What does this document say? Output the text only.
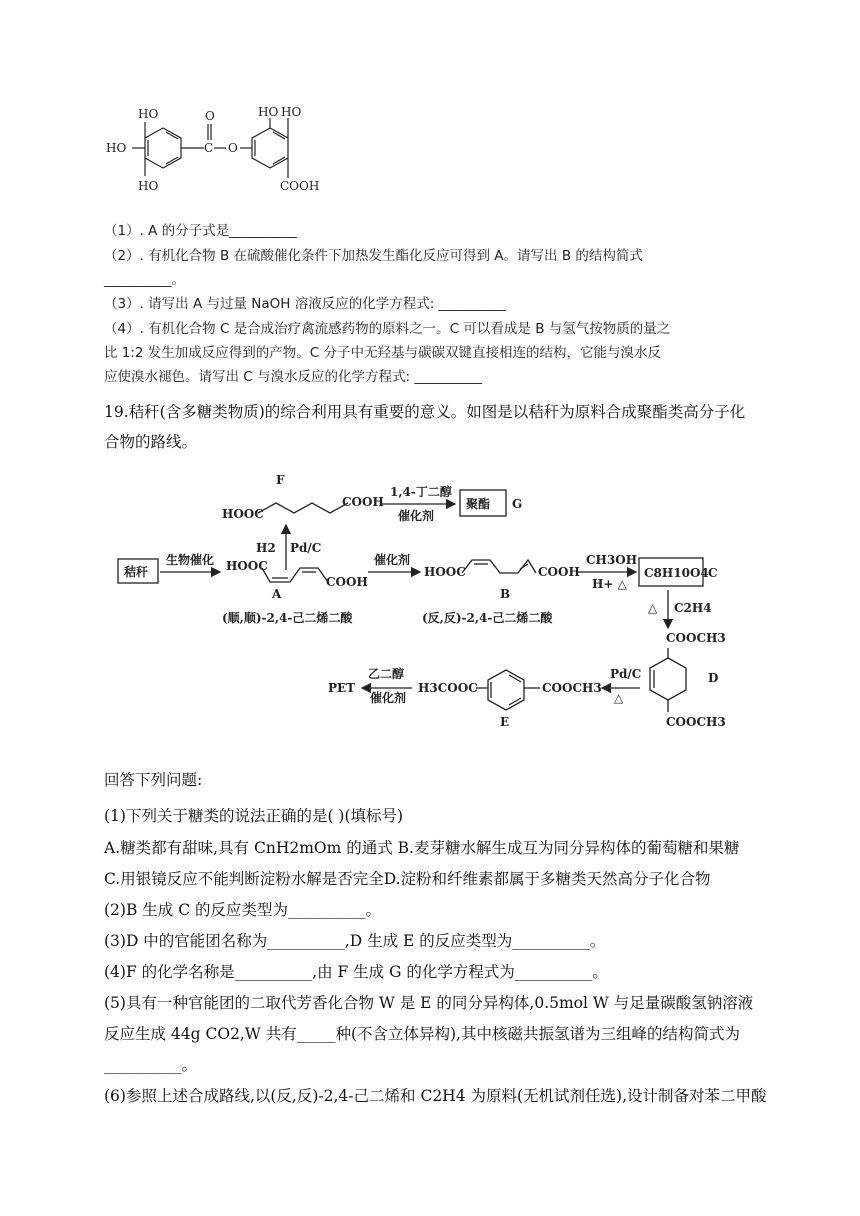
HO
HO
HO
HO HO
O
C O
COOH
（1）. A 的分子式是__________
（2）. 有机化合物 B 在硫酸催化条件下加热发生酯化反应可得到 A。请写出 B 的结构简式
__________。
（3）. 请写出 A 与过量 NaOH 溶液反应的化学方程式: __________
（4）. 有机化合物 C 是合成治疗禽流感药物的原料之一。C 可以看成是 B 与氢气按物质的量之
比 1:2 发生加成反应得到的产物。C 分子中无羟基与碳碳双键直接相连的结构，它能与溴水反
应使溴水褪色。请写出 C 与溴水反应的化学方程式: __________
19.秸秆(含多糖类物质)的综合利用具有重要的意义。如图是以秸秆为原料合成聚酯类高分子化
合物的路线。
F
HOOC
COOH
1,4-丁二醇
催化剂
聚酯 G
H2 Pd/C
秸秆
生物催化 HOOC
COOH
A
(顺,顺)-2,4-己二烯二酸
催化剂
HOOC	COOH
B
(反,反)-2,4-己二烯二酸
CH3OH
H+ △
C8H10O4 C
△ C2H4
COOCH3
COOCH3
D
Pd/C
△
COOCH3
H3COOC
E
乙二醇
催化剂
PET
回答下列问题:
(1)下列关于糖类的说法正确的是( )(填标号)
A.糖类都有甜味,具有 CnH2mOm 的通式 B.麦芽糖水解生成互为同分异构体的葡萄糖和果糖
C.用银镜反应不能判断淀粉水解是否完全D.淀粉和纤维素都属于多糖类天然高分子化合物
(2)B 生成 C 的反应类型为__________。
(3)D 中的官能团名称为__________,D 生成 E 的反应类型为__________。
(4)F 的化学名称是__________,由 F 生成 G 的化学方程式为__________。
(5)具有一种官能团的二取代芳香化合物 W 是 E 的同分异构体,0.5mol W 与足量碳酸氢钠溶液
反应生成 44g CO2,W 共有_____种(不含立体异构),其中核磁共振氢谱为三组峰的结构简式为
__________。
(6)参照上述合成路线,以(反,反)-2,4-己二烯和 C2H4 为原料(无机试剂任选),设计制备对苯二甲酸
